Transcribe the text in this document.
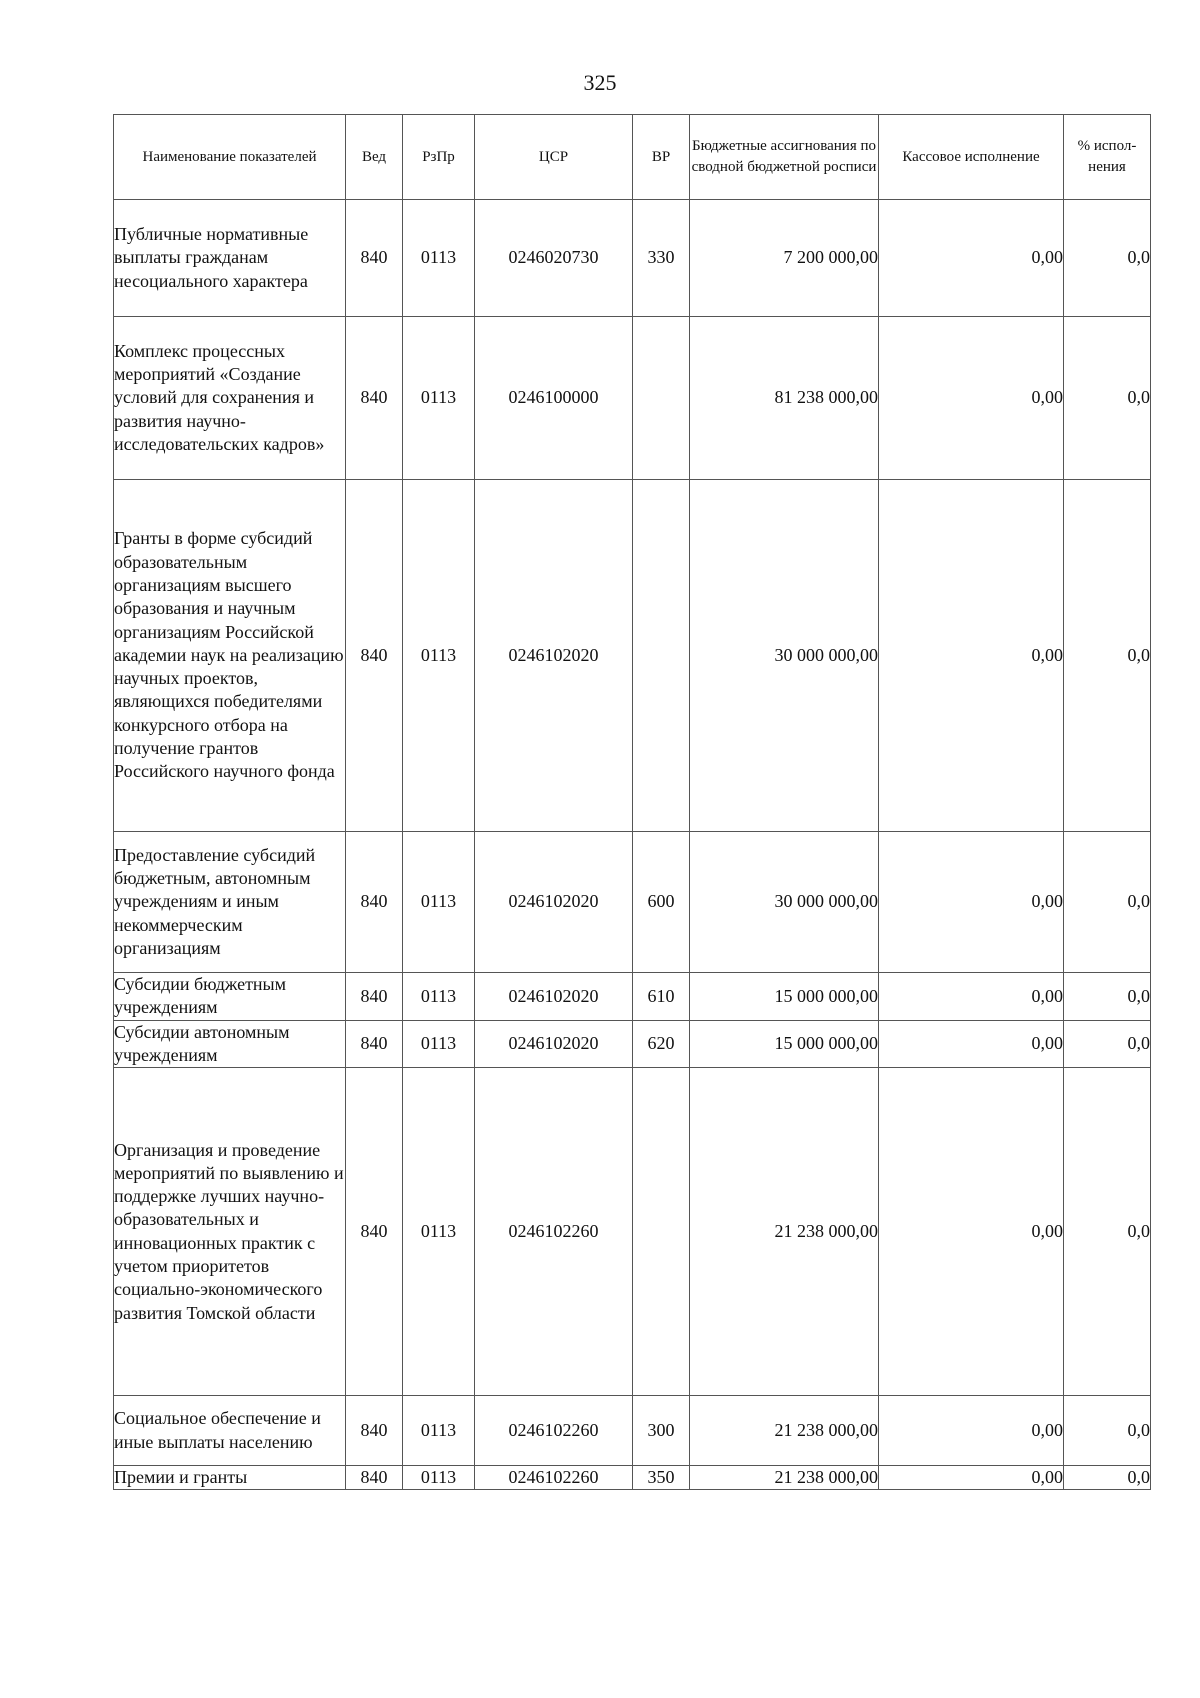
325
Наименование показателей	Вед	РзПр	ЦСР	ВР	Бюджетные ассигнования по сводной бюджетной росписи	Кассовое исполнение	% испол-нения
Публичные нормативные выплаты гражданам несоциального характера	840	0113	0246020730	330	7 200 000,00	0,00	0,0
Комплекс процессных мероприятий «Создание условий для сохранения и развития научно-исследовательских кадров»	840	0113	0246100000		81 238 000,00	0,00	0,0
Гранты в форме субсидий образовательным организациям высшего образования и научным организациям Российской академии наук на реализацию научных проектов, являющихся победителями конкурсного отбора на получение грантов Российского научного фонда	840	0113	0246102020		30 000 000,00	0,00	0,0
Предоставление субсидий бюджетным, автономным учреждениям и иным некоммерческим организациям	840	0113	0246102020	600	30 000 000,00	0,00	0,0
Субсидии бюджетным учреждениям	840	0113	0246102020	610	15 000 000,00	0,00	0,0
Субсидии автономным учреждениям	840	0113	0246102020	620	15 000 000,00	0,00	0,0
Организация и проведение мероприятий по выявлению и поддержке лучших научно-образовательных и инновационных практик с учетом приоритетов социально-экономического развития Томской области	840	0113	0246102260		21 238 000,00	0,00	0,0
Социальное обеспечение и иные выплаты населению	840	0113	0246102260	300	21 238 000,00	0,00	0,0
Премии и гранты	840	0113	0246102260	350	21 238 000,00	0,00	0,0
